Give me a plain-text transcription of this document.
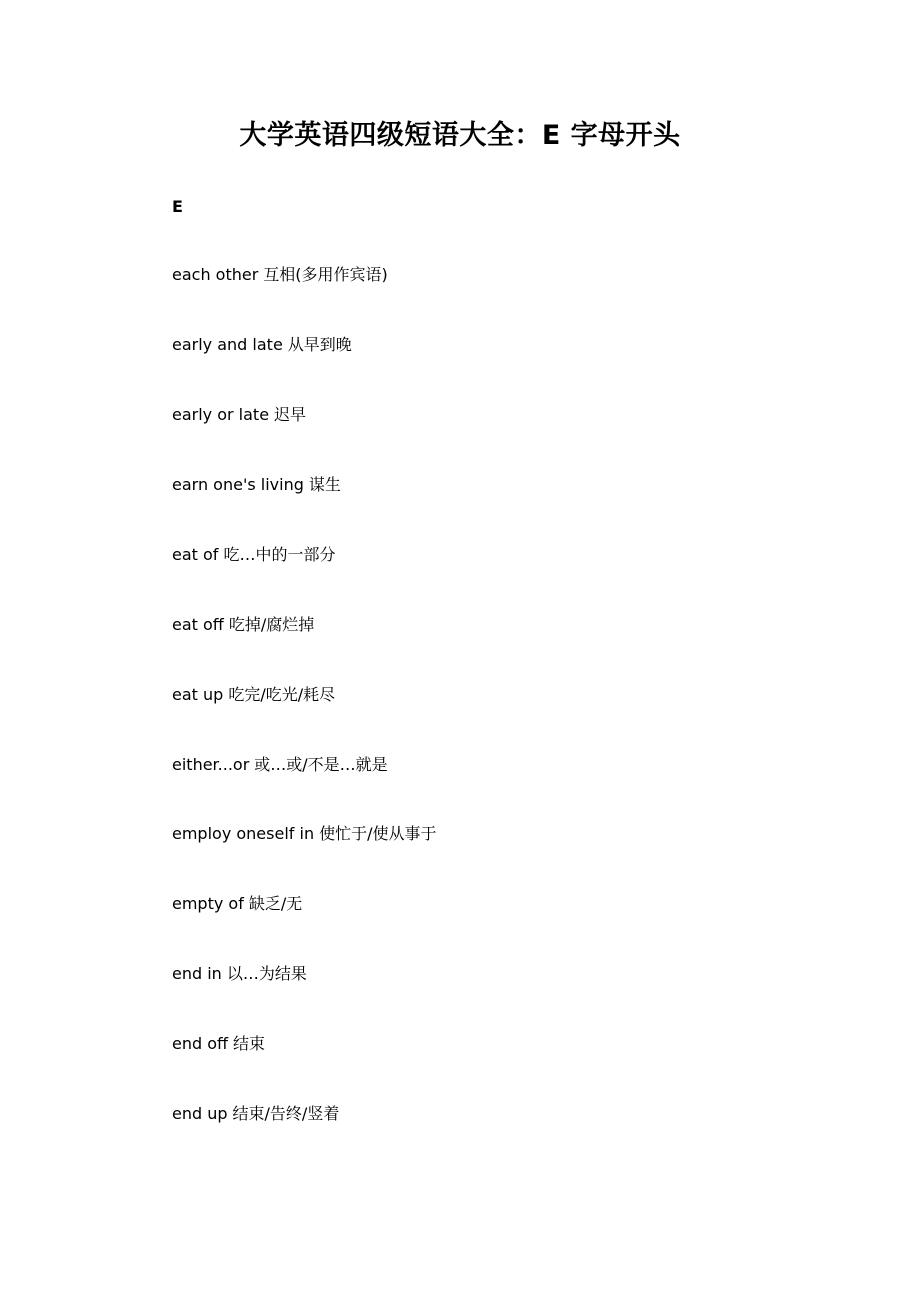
大学英语四级短语大全：E 字母开头
E
each other 互相(多用作宾语)
early and late 从早到晚
early or late 迟早
earn one's living 谋生
eat of 吃…中的一部分
eat off 吃掉/腐烂掉
eat up 吃完/吃光/耗尽
either...or 或…或/不是…就是
employ oneself in 使忙于/使从事于
empty of 缺乏/无
end in 以…为结果
end off 结束
end up 结束/告终/竖着
